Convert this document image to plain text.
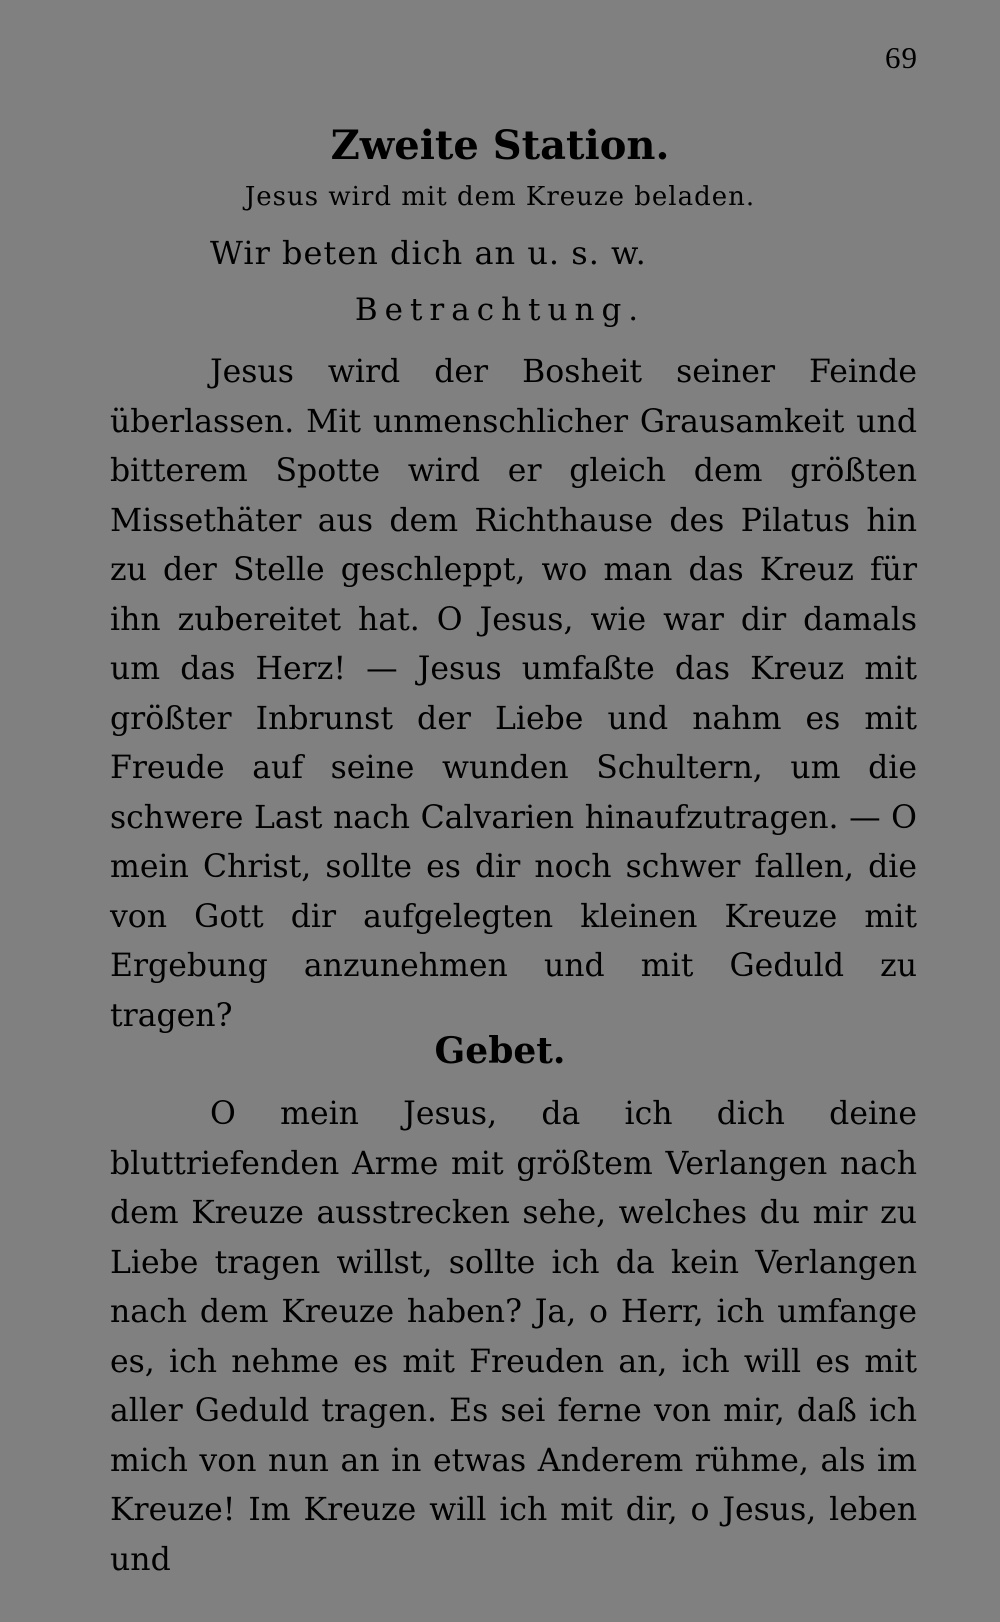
69
Zweite Station.
Jesus wird mit dem Kreuze beladen.
Wir beten dich an u. s. w.
Betrachtung.

Jesus wird der Bosheit seiner Feinde überlassen. Mit unmenschlicher Grausamkeit und bitterem Spotte wird er gleich dem größten Missethäter aus dem Richthause des Pilatus hin zu der Stelle geschleppt, wo man das Kreuz für ihn zubereitet hat. O Jesus, wie war dir damals um das Herz! — Jesus umfaßte das Kreuz mit größter Inbrunst der Liebe und nahm es mit Freude auf seine wunden Schultern, um die schwere Last nach Calvarien hinaufzutragen. — O mein Christ, sollte es dir noch schwer fallen, die von Gott dir aufgelegten kleinen Kreuze mit Ergebung anzunehmen und mit Geduld zu tragen?

Gebet.

O mein Jesus, da ich dich deine bluttriefenden Arme mit größtem Verlangen nach dem Kreuze ausstrecken sehe, welches du mir zu Liebe tragen willst, sollte ich da kein Verlangen nach dem Kreuze haben? Ja, o Herr, ich umfange es, ich nehme es mit Freuden an, ich will es mit aller Geduld tragen. Es sei ferne von mir, daß ich mich von nun an in etwas Anderem rühme, als im Kreuze! Im Kreuze will ich mit dir, o Jesus, leben und
